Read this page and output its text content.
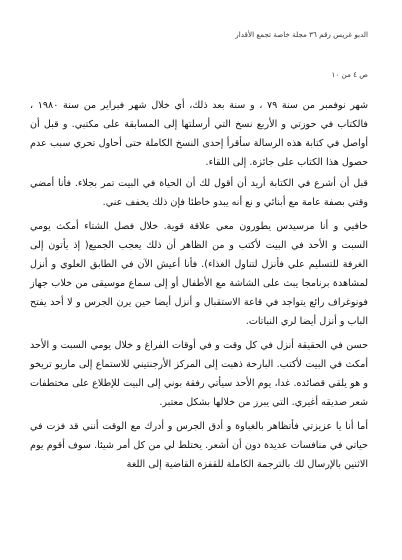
الدبو غريس رقم ٣٦ مجلة خاصة تجمع الأقدار
ص ٤ من ١٠

شهر نوفمبر من سنة ٧٩ ، و سنة بعد ذلك، أي خلال شهر فبراير من سنة ١٩٨٠ ، فالكتاب في حوزتي و الأربع نسخ التي أرسلتها إلى المسابقة على مكتبي. و قبل أن أواصل في كتابة هذه الرسالة سأقرأ إحدى النسخ الكاملة حتى أحاول تحري سبب عدم حصول هذا الكتاب على جائزة. إلى اللقاء.

قبل أن أشرع في الكتابة أريد أن أقول لك أن الحياة في البيت تمر بجلاء. فأنا أمضي وقتي بصفة عامة مع أبنائي و نع أنه يبدو خاطئا فإن ذلك يخفف عني.

خافيي و أنا مرسيدس يطورون معي علاقة قوية. خلال فصل الشتاء أمكث يومي السبت و الأحد في البيت لأكتب و من الظاهر أن ذلك يعجب الجميع( إذ يأتون إلى الغرفة للتسليم علي فأنزل لتناول الغذاء). فأنا أعيش الآن في الطابق العلوي و أنزل لمشاهدة برنامجا يبث على الشاشة مع الأطفال أو إلى سماع موسيقى من خلاب جهاز فونوغراف رائع يتواجد في قاعة الاستقبال و أنزل أيضا حين يرن الجرس و لا أحد يفتح الباب و أنزل أيضا لري النباتات.

حسن في الحقيقة أنزل في كل وقت و في أوقات الفراغ و خلال يومي السبت و الأحد أمكث في البيت لأكتب. البارحة ذهبت إلى المركز الأرجنتيني للاستماع إلى ماريو تريخو و هو يلقي قصائده. غدا، يوم الأحد سيأتي رفقة بوني إلى البيت للإطلاع على مختطفات شعر صديقه أغيري. التي يبرز من خلالها بشكل معتبر.

أما أنا يا عزيزتي فأتظاهر بالغباوة و أدق الجرس و أدرك مع الوقت أنني قد فزت في حياتي في منافسات عديدة دون أن أشعر. يختلط لي من كل أمر شيئا. سوف أقوم يوم الاثنين بالإرسال لك بالترجمة الكاملة للقفزة القاضية إلى اللغة
